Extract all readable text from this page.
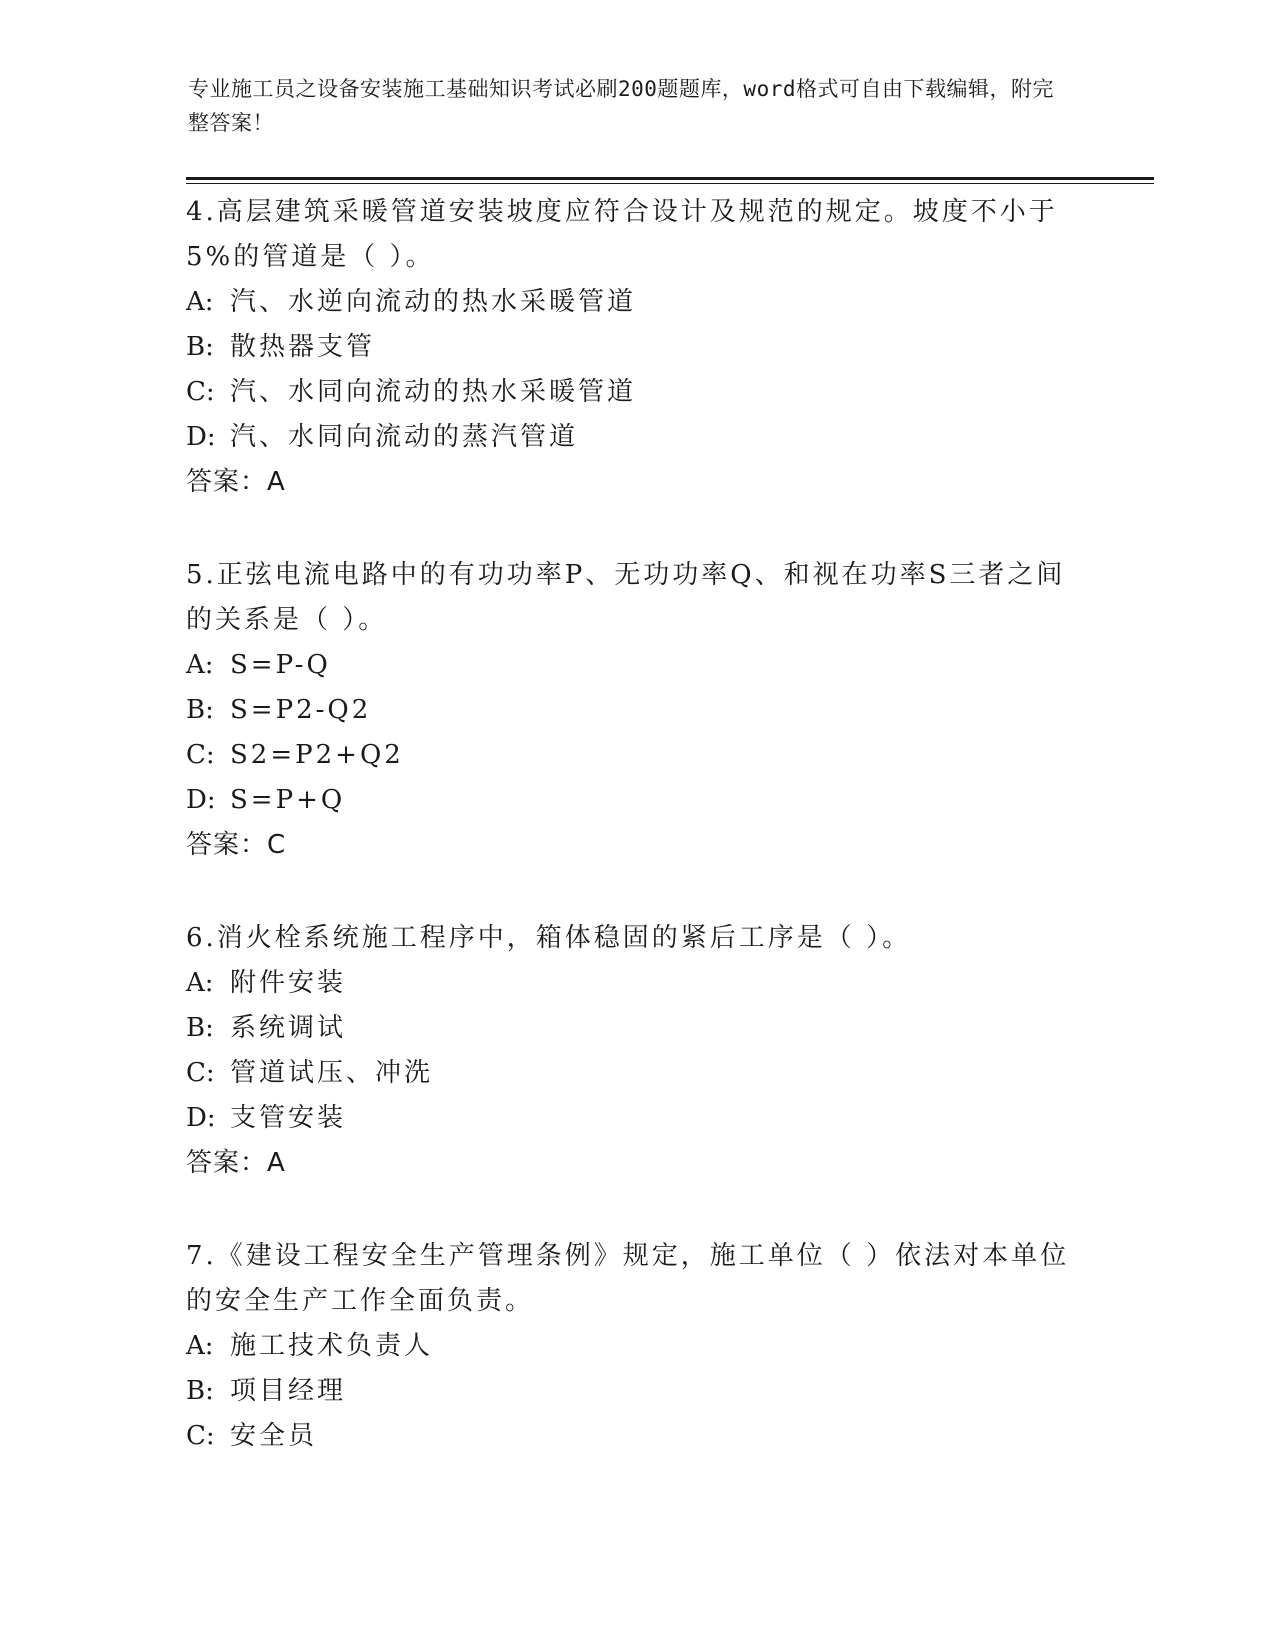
专业施工员之设备安装施工基础知识考试必刷200题题库，word格式可自由下载编辑，附完整答案！

4.高层建筑采暖管道安装坡度应符合设计及规范的规定。坡度不小于5%的管道是（ ）。

A: 汽、水逆向流动的热水采暖管道

B: 散热器支管

C: 汽、水同向流动的热水采暖管道

D: 汽、水同向流动的蒸汽管道

答案：A

5.正弦电流电路中的有功功率P、无功功率Q、和视在功率S三者之间的关系是（ ）。

A: S=P-Q

B: S=P2-Q2

C: S2=P2+Q2

D: S=P+Q

答案：C

6.消火栓系统施工程序中，箱体稳固的紧后工序是（ ）。

A: 附件安装

B: 系统调试

C: 管道试压、冲洗

D: 支管安装

答案：A

7.《建设工程安全生产管理条例》规定，施工单位（ ）依法对本单位的安全生产工作全面负责。

A: 施工技术负责人

B: 项目经理

C: 安全员
